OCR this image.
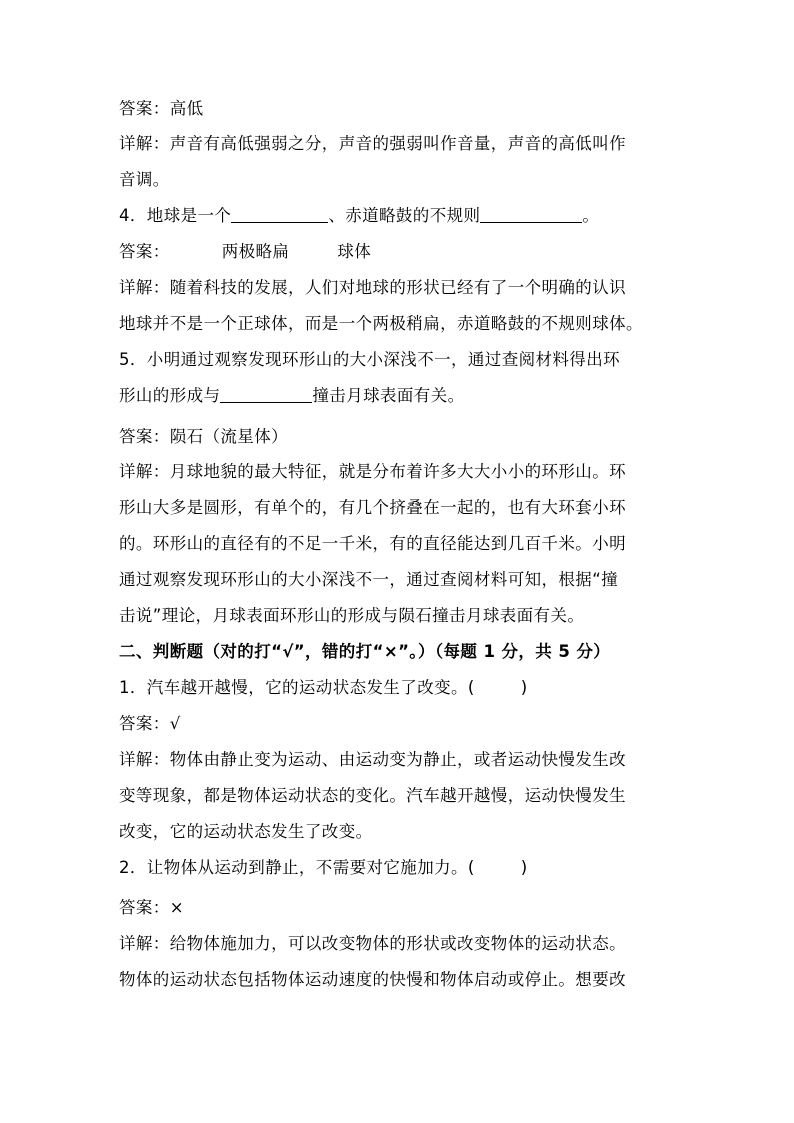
答案：高低
详解：声音有高低强弱之分，声音的强弱叫作音量，声音的高低叫作
音调。
4．地球是一个	、赤道略鼓的不规则	。
答案：	两极略扁	球体
详解：随着科技的发展，人们对地球的形状已经有了一个明确的认识
地球并不是一个正球体，而是一个两极稍扁，赤道略鼓的不规则球体。
5．小明通过观察发现环形山的大小深浅不一，通过查阅材料得出环
形山的形成与	撞击月球表面有关。
答案：陨石（流星体）
详解：月球地貌的最大特征，就是分布着许多大大小小的环形山。环
形山大多是圆形，有单个的，有几个挤叠在一起的，也有大环套小环
的。环形山的直径有的不足一千米，有的直径能达到几百千米。小明
通过观察发现环形山的大小深浅不一，通过查阅材料可知，根据“撞
击说”理论，月球表面环形山的形成与陨石撞击月球表面有关。
二、判断题（对的打“√”，错的打“×”。）（每题 1 分，共 5 分）
1．汽车越开越慢，它的运动状态发生了改变。(	)
答案：√
详解：物体由静止变为运动、由运动变为静止，或者运动快慢发生改
变等现象，都是物体运动状态的变化。汽车越开越慢，运动快慢发生
改变，它的运动状态发生了改变。
2．让物体从运动到静止，不需要对它施加力。(	)
答案：×
详解：给物体施加力，可以改变物体的形状或改变物体的运动状态。
物体的运动状态包括物体运动速度的快慢和物体启动或停止。想要改
